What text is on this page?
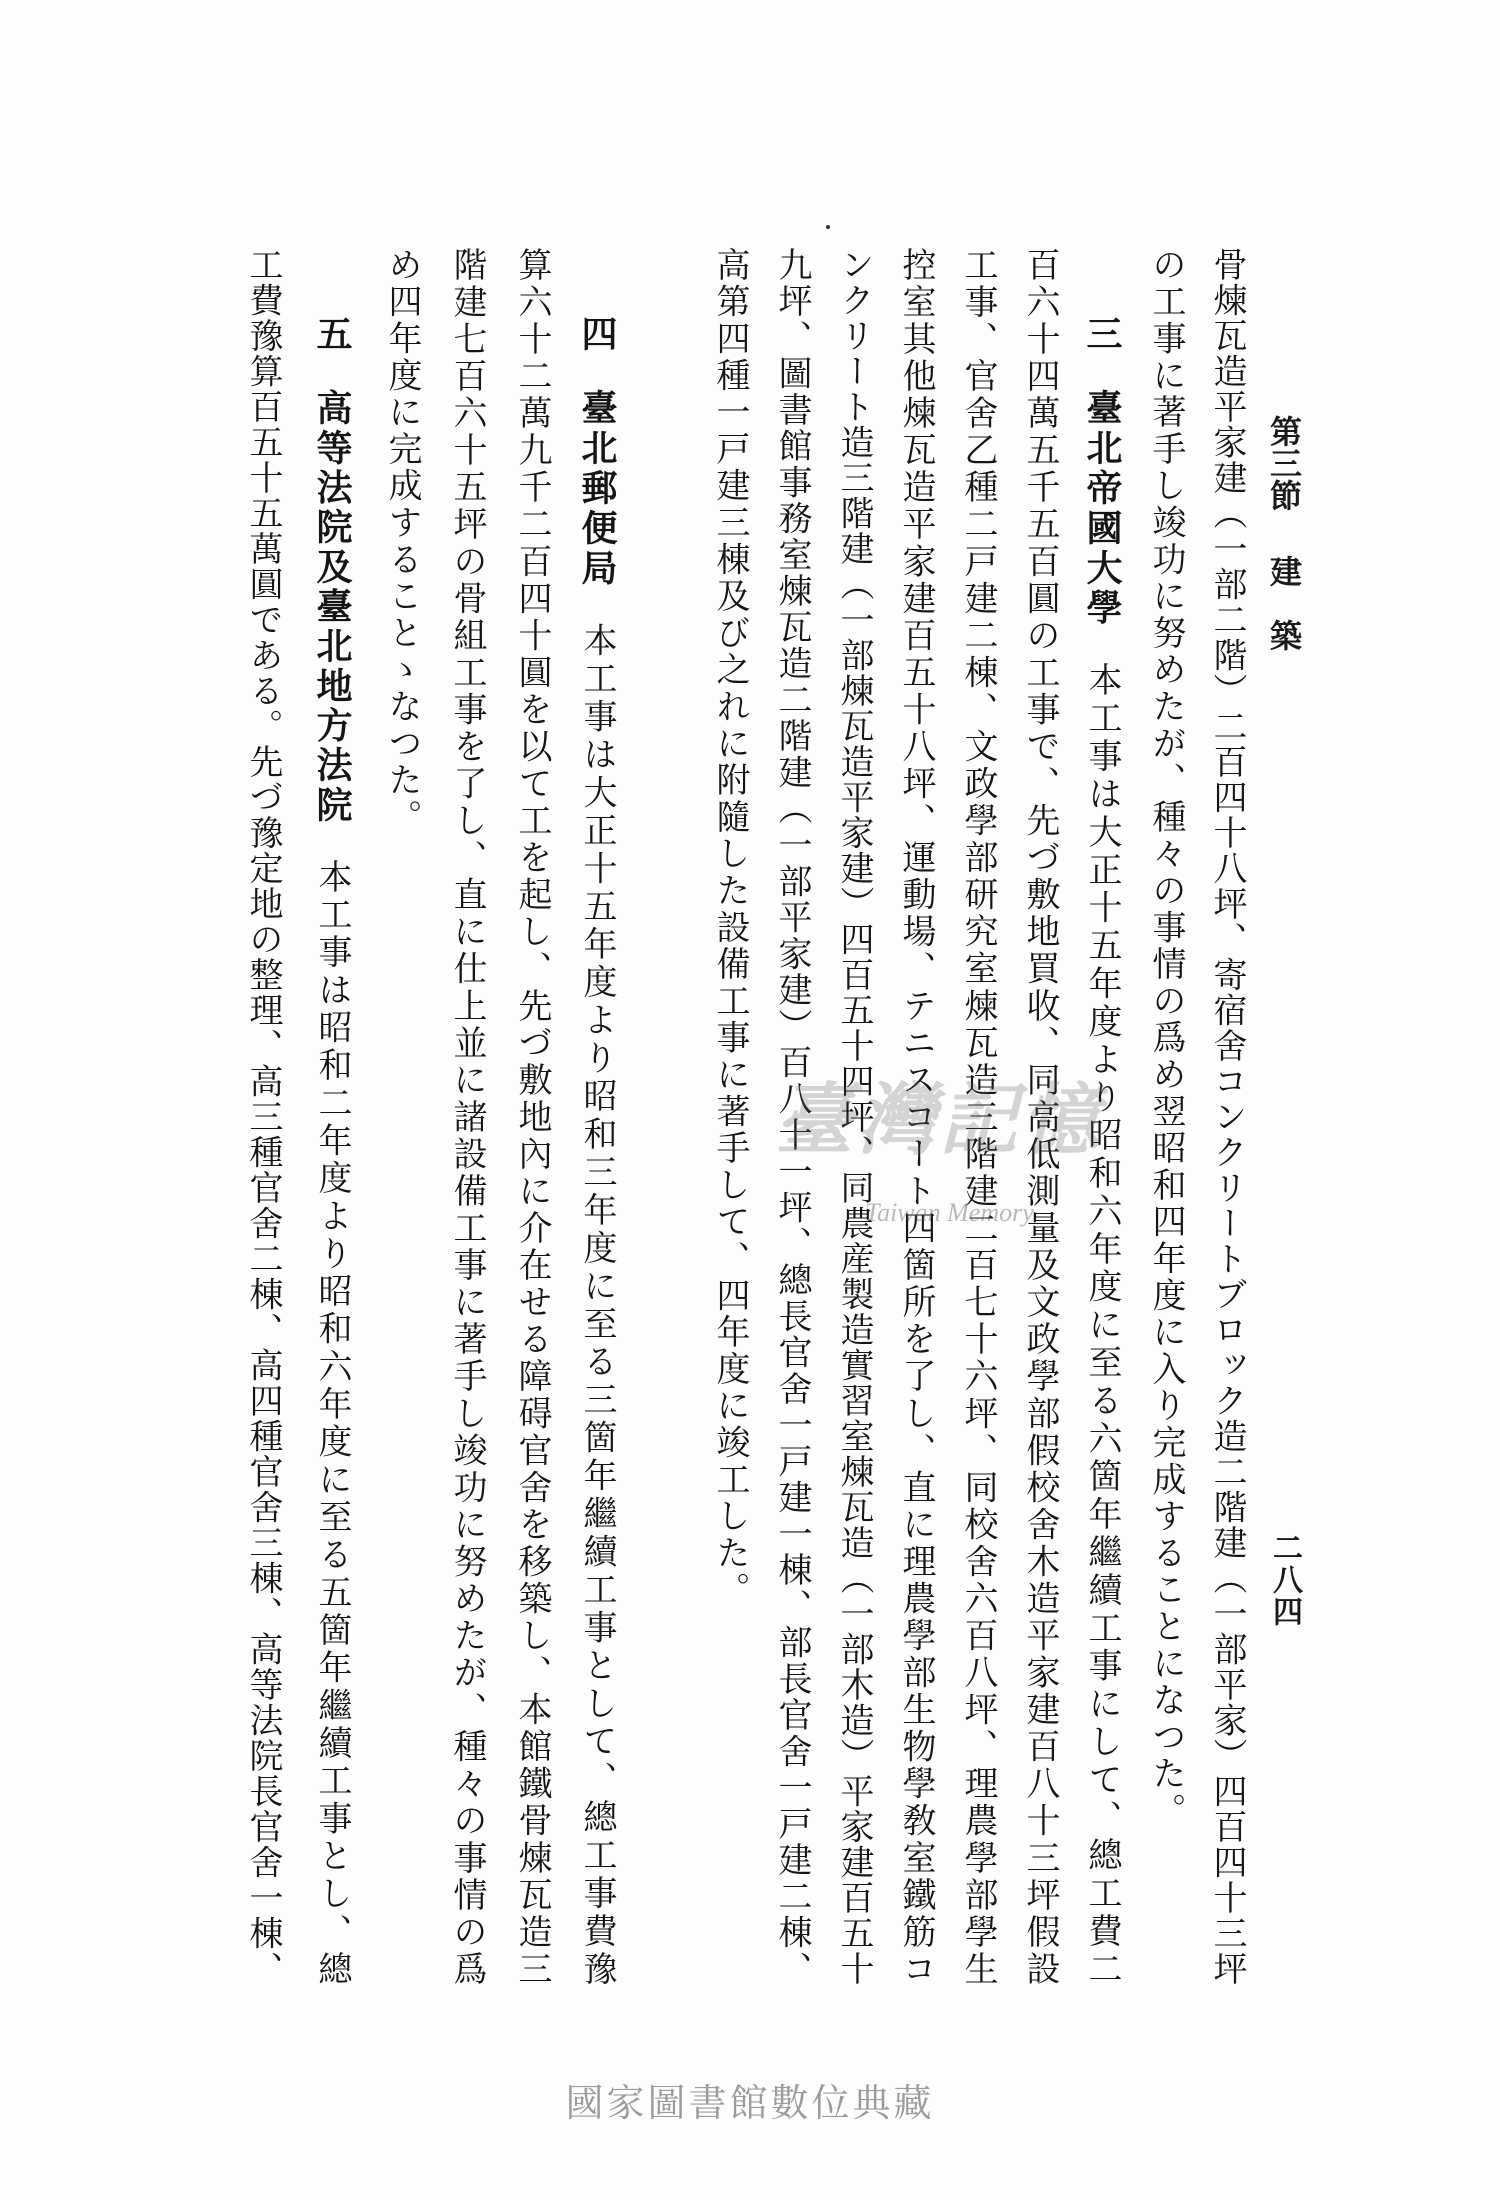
第三節
建　築
二八四
骨煉瓦造平家建（一部二階）二百四十八坪、寄宿舍コンクリートブロック造二階建（一部平家）四百四十三坪
の工事に著手し竣功に努めたが、種々の事情の爲め翌昭和四年度に入り完成することになつた。
三臺北帝國大學本工事は大正十五年度より昭和六年度に至る六箇年繼續工事にして、總工費二
百六十四萬五千五百圓の工事で、先づ敷地買收、同高低測量及文政學部假校舍木造平家建百八十三坪假設
工事、官舍乙種二戸建二棟、文政學部研究室煉瓦造三階建二百七十六坪、同校舍六百八坪、理農學部學生
控室其他煉瓦造平家建百五十八坪、運動場、テニスコート四箇所を了し、直に理農學部生物學敎室鐵筋コ
ンクリート造三階建（一部煉瓦造平家建）四百五十四坪、同農産製造實習室煉瓦造（一部木造）平家建百五十
九坪、圖書館事務室煉瓦造二階建（一部平家建）百八十一坪、總長官舍一戸建一棟、部長官舍一戸建二棟、
高第四種一戸建三棟及び之れに附隨した設備工事に著手して、四年度に竣工した。
四臺北郵便局本工事は大正十五年度より昭和三年度に至る三箇年繼續工事として、總工事費豫
算六十二萬九千二百四十圓を以て工を起し、先づ敷地內に介在せる障碍官舍を移築し、本館鐵骨煉瓦造三
階建七百六十五坪の骨組工事を了し、直に仕上並に諸設備工事に著手し竣功に努めたが、種々の事情の爲
め四年度に完成することゝなつた。
五高等法院及臺北地方法院本工事は昭和二年度より昭和六年度に至る五箇年繼續工事とし、總
工費豫算百五十五萬圓である。先づ豫定地の整理、高三種官舍二棟、高四種官舍三棟、高等法院長官舍一棟、	臺灣記憶
Taiwan Memory
國家圖書館數位典藏
